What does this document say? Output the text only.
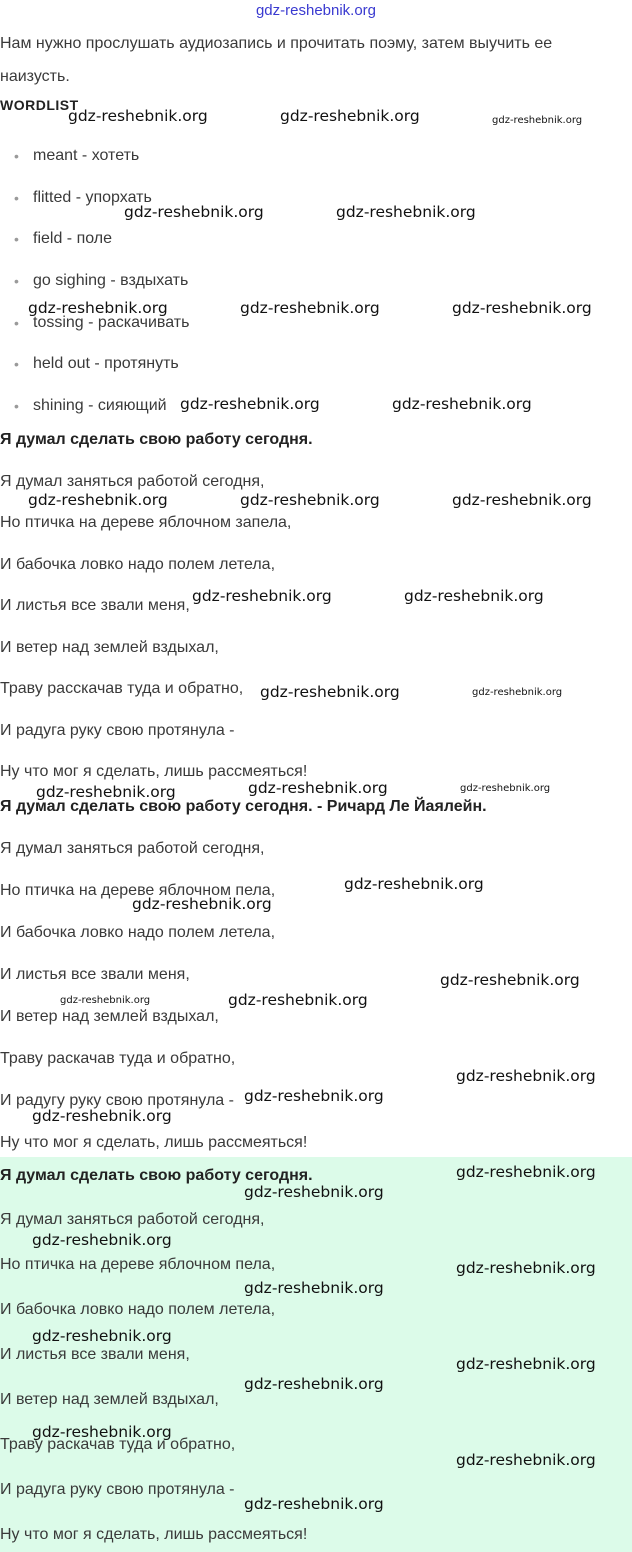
gdz-reshebnik.org
Нам нужно прослушать аудиозапись и прочитать поэму, затем выучить ее наизусть.
WORDLIST
• meant - хотеть
• flitted - упорхать
• field - поле
• go sighing - вздыхать
• tossing - раскачивать
• held out - протянуть
• shining - сияющий
Я думал сделать свою работу сегодня.
Я думал заняться работой сегодня,
Но птичка на дереве яблочном запела,
И бабочка ловко надо полем летела,
И листья все звали меня,
И ветер над землей вздыхал,
Траву расскачав туда и обратно,
И радуга руку свою протянула -
Ну что мог я сделать, лишь рассмеяться!
Я думал сделать свою работу сегодня. - Ричард Ле Йаялейн.
Я думал заняться работой сегодня,
Но птичка на дереве яблочном пела,
И бабочка ловко надо полем летела,
И листья все звали меня,
И ветер над землей вздыхал,
Траву раскачав туда и обратно,
И радугу руку свою протянула -
Ну что мог я сделать, лишь рассмеяться!
Я думал сделать свою работу сегодня.
Я думал заняться работой сегодня,
Но птичка на дереве яблочном пела,
И бабочка ловко надо полем летела,
И листья все звали меня,
И ветер над землей вздыхал,
Траву раскачав туда и обратно,
И радуга руку свою протянула -
Ну что мог я сделать, лишь рассмеяться!
gdz-reshebnik.org	gdz-reshebnik.org	gdz-reshebnik.org
gdz-reshebnik.org	gdz-reshebnik.org
gdz-reshebnik.org	gdz-reshebnik.org	gdz-reshebnik.org
gdz-reshebnik.org	gdz-reshebnik.org
gdz-reshebnik.org	gdz-reshebnik.org	gdz-reshebnik.org
gdz-reshebnik.org	gdz-reshebnik.org
gdz-reshebnik.org	gdz-reshebnik.org
gdz-reshebnik.org	gdz-reshebnik.org	gdz-reshebnik.org
gdz-reshebnik.org
gdz-reshebnik.org
gdz-reshebnik.org
gdz-reshebnik.org	gdz-reshebnik.org
gdz-reshebnik.org
gdz-reshebnik.org
gdz-reshebnik.org
gdz-reshebnik.org
gdz-reshebnik.org
gdz-reshebnik.org
gdz-reshebnik.org
gdz-reshebnik.org
gdz-reshebnik.org
gdz-reshebnik.org
gdz-reshebnik.org
gdz-reshebnik.org
gdz-reshebnik.org
gdz-reshebnik.org
